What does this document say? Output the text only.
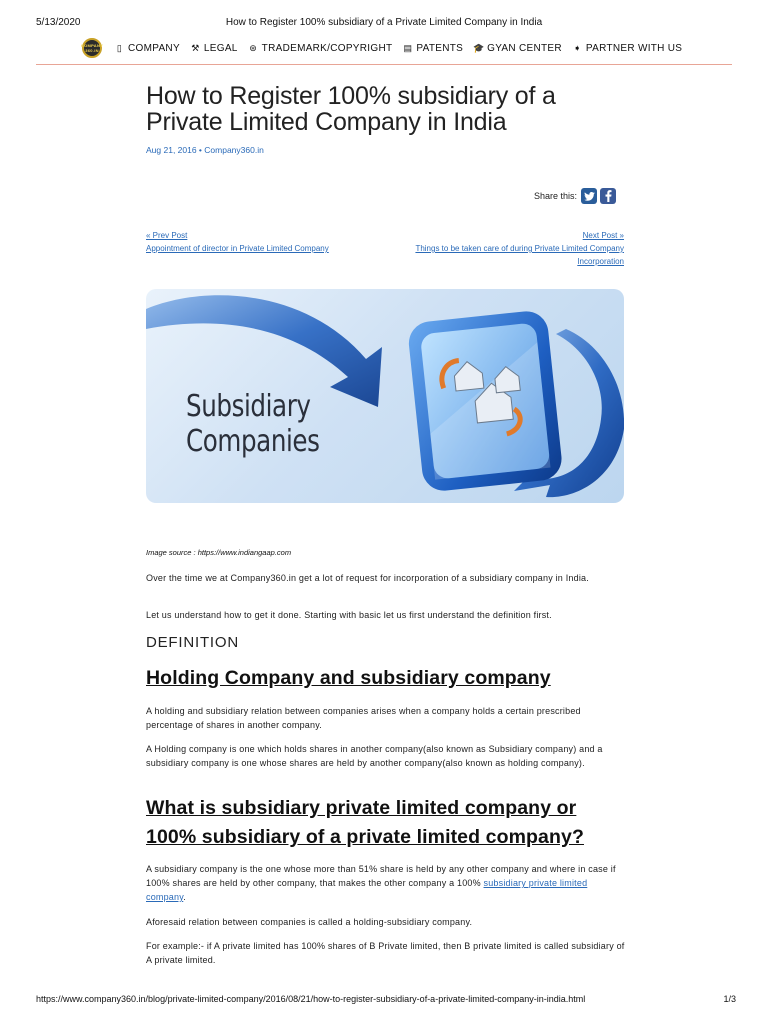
5/13/2020	How to Register 100% subsidiary of a Private Limited Company in India
COMPANY
360.IN	▯ COMPANY ⚒ LEGAL ⊛ TRADEMARK/COPYRIGHT ▤ PATENTS 🎓 GYAN CENTER ➧ PARTNER WITH US
How to Register 100% subsidiary of a Private Limited Company in India
Aug 21, 2016 • Company360.in
Share this:
« Prev Post
Appointment of director in Private Limited Company
Next Post »
Things to be taken care of during Private Limited Company Incorporation
Subsidiary
Companies
Image source : https://www.indiangaap.com

Over the time we at Company360.in get a lot of request for incorporation of a subsidiary company in India.

Let us understand how to get it done. Starting with basic let us first understand the definition first.

DEFINITION
Holding Company and subsidiary company

A holding and subsidiary relation between companies arises when a company holds a certain prescribed percentage of shares in another company.

A Holding company is one which holds shares in another company(also known as Subsidiary company) and a subsidiary company is one whose shares are held by another company(also known as holding company).

What is subsidiary private limited company or 100% subsidiary of a private limited company?

A subsidiary company is the one whose more than 51% share is held by any other company and where in case if 100% shares are held by other company, that makes the other company a 100% subsidiary private limited company.

Aforesaid relation between companies is called a holding-subsidiary company.

For example:- if A private limited has 100% shares of B Private limited, then B private limited is called subsidiary of A private limited.

https://www.company360.in/blog/private-limited-company/2016/08/21/how-to-register-subsidiary-of-a-private-limited-company-in-india.html	1/3
